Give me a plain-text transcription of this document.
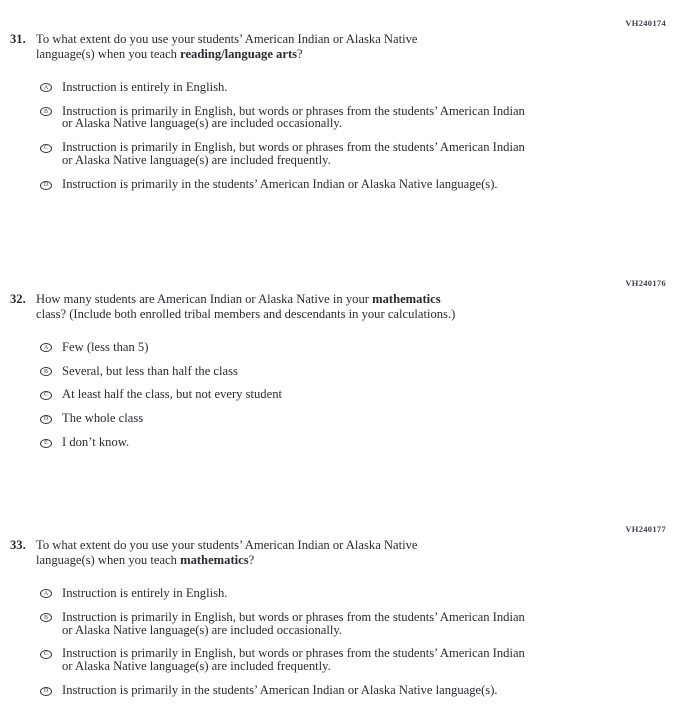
VH240174
31. To what extent do you use your students’ American Indian or Alaska Native
language(s) when you teach reading/language arts?
A Instruction is entirely in English.
B Instruction is primarily in English, but words or phrases from the students’ American Indian
or Alaska Native language(s) are included occasionally.
C Instruction is primarily in English, but words or phrases from the students’ American Indian
or Alaska Native language(s) are included frequently.
D Instruction is primarily in the students’ American Indian or Alaska Native language(s).
VH240176
32. How many students are American Indian or Alaska Native in your mathematics
class? (Include both enrolled tribal members and descendants in your calculations.)
A Few (less than 5)
B Several, but less than half the class
C At least half the class, but not every student
D The whole class
E I don’t know.
VH240177
33. To what extent do you use your students’ American Indian or Alaska Native
language(s) when you teach mathematics?
A Instruction is entirely in English.
B Instruction is primarily in English, but words or phrases from the students’ American Indian
or Alaska Native language(s) are included occasionally.
C Instruction is primarily in English, but words or phrases from the students’ American Indian
or Alaska Native language(s) are included frequently.
D Instruction is primarily in the students’ American Indian or Alaska Native language(s).
